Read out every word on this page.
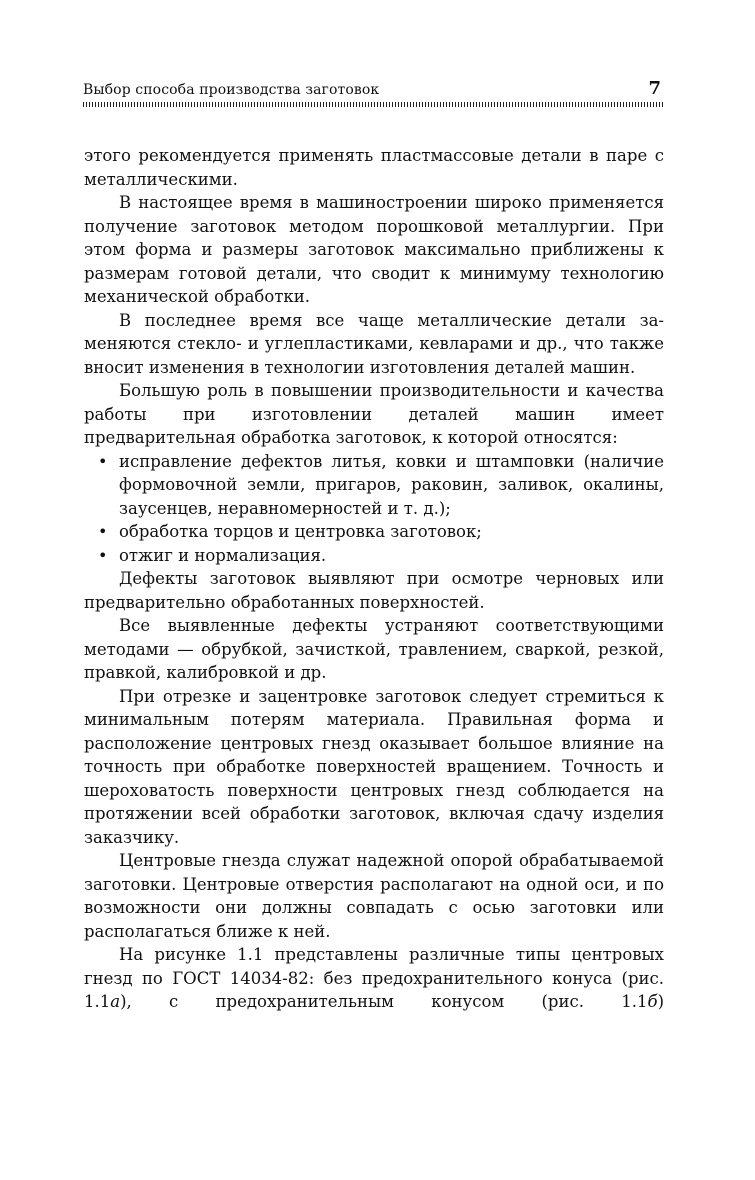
Выбор способа производства заготовок	7

этого рекомендуется применять пластмассовые детали в паре с металлическими.

В настоящее время в машиностроении широко применяется получение заготовок методом порошковой металлургии. При этом форма и размеры заготовок максимально приближены к размерам готовой детали, что сводит к минимуму технологию механической обработки.

В последнее время все чаще металлические детали заменяются стекло- и углепластиками, кевларами и др., что также вносит изменения в технологии изготовления деталей машин.

Большую роль в повышении производительности и качества работы при изготовлении деталей машин имеет предварительная обработка заготовок, к которой относятся:

• исправление дефектов литья, ковки и штамповки (наличие формовочной земли, пригаров, раковин, заливок, окалины, заусенцев, неравномерностей и т. д.);
• обработка торцов и центровка заготовок;
• отжиг и нормализация.

Дефекты заготовок выявляют при осмотре черновых или предварительно обработанных поверхностей.

Все выявленные дефекты устраняют соответствующими методами — обрубкой, зачисткой, травлением, сваркой, резкой, правкой, калибровкой и др.

При отрезке и зацентровке заготовок следует стремиться к минимальным потерям материала. Правильная форма и расположение центровых гнезд оказывает большое влияние на точность при обработке поверхностей вращением. Точность и шероховатость поверхности центровых гнезд соблюдается на протяжении всей обработки заготовок, включая сдачу изделия заказчику.

Центровые гнезда служат надежной опорой обрабатываемой заготовки. Центровые отверстия располагают на одной оси, и по возможности они должны совпадать с осью заготовки или располагаться ближе к ней.

На рисунке 1.1 представлены различные типы центровых гнезд по ГОСТ 14034-82: без предохранительного конуса (рис. 1.1а), с предохранительным конусом (рис. 1.1б)
